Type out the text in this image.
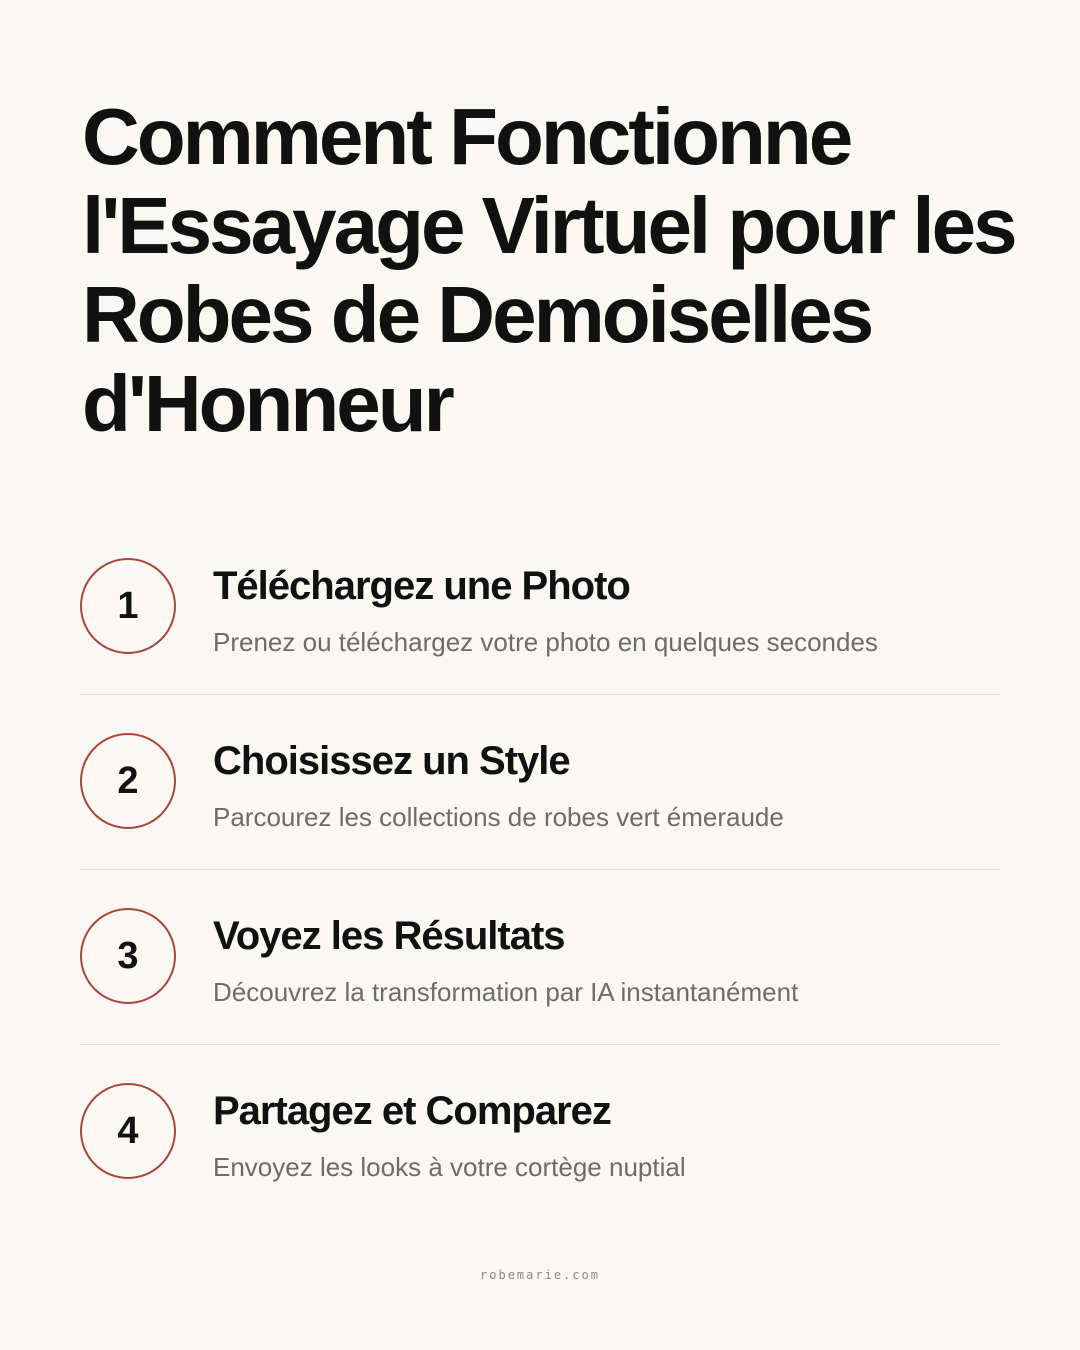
Comment Fonctionne l'Essayage Virtuel pour les Robes de Demoiselles d'Honneur
1	Téléchargez une Photo
Prenez ou téléchargez votre photo en quelques secondes
2	Choisissez un Style
Parcourez les collections de robes vert émeraude
3	Voyez les Résultats
Découvrez la transformation par IA instantanément
4	Partagez et Comparez
Envoyez les looks à votre cortège nuptial
robemarie.com
